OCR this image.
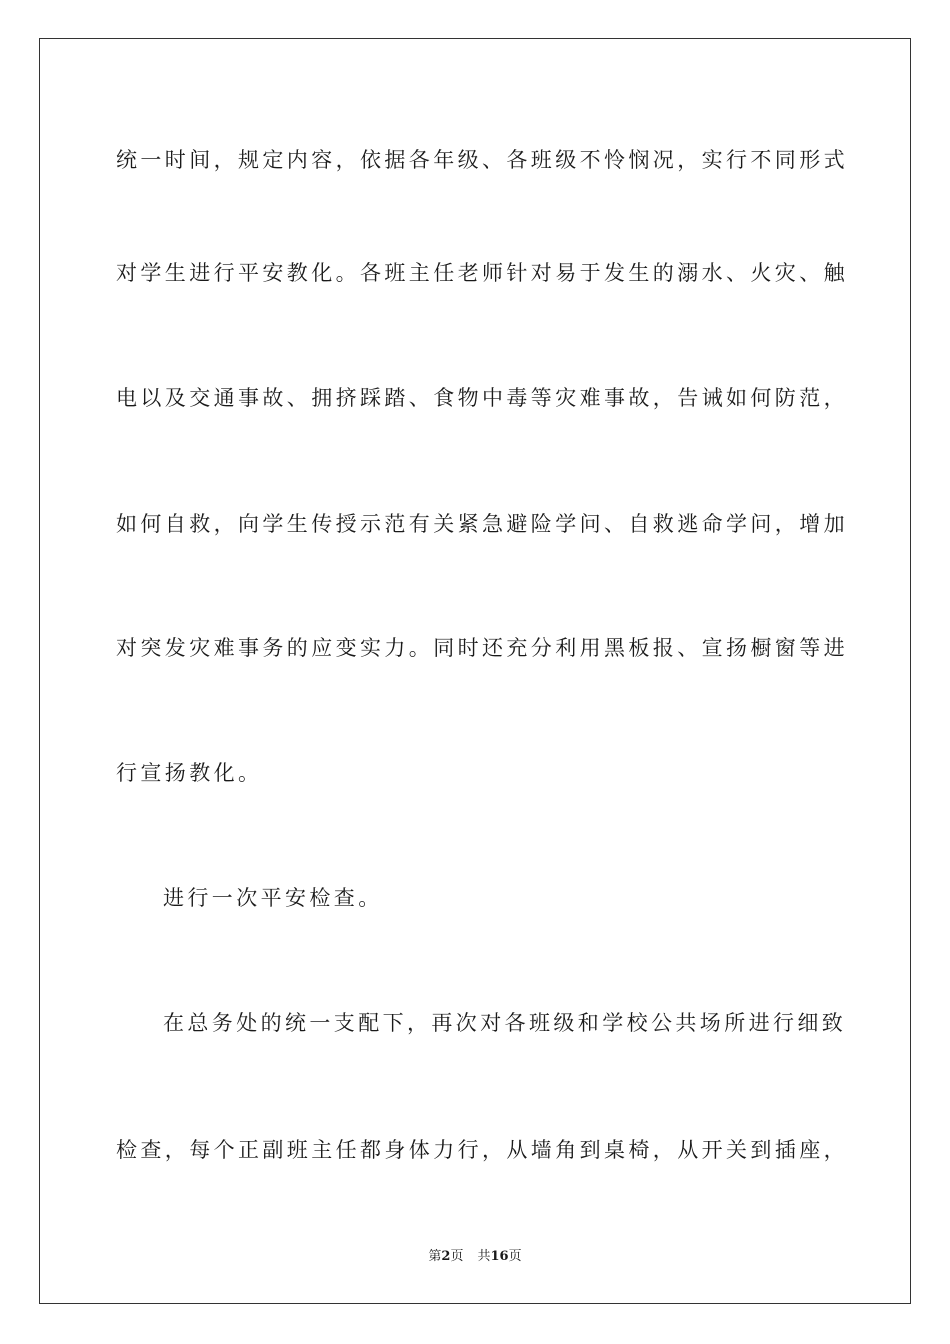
统一时间，规定内容，依据各年级、各班级不怜悯况，实行不同形式
对学生进行平安教化。各班主任老师针对易于发生的溺水、火灾、触
电以及交通事故、拥挤踩踏、食物中毒等灾难事故，告诫如何防范，
如何自救，向学生传授示范有关紧急避险学问、自救逃命学问，增加
对突发灾难事务的应变实力。同时还充分利用黑板报、宣扬橱窗等进
行宣扬教化。
进行一次平安检查。
在总务处的统一支配下，再次对各班级和学校公共场所进行细致
检查，每个正副班主任都身体力行，从墙角到桌椅，从开关到插座，
第2页 共16页
